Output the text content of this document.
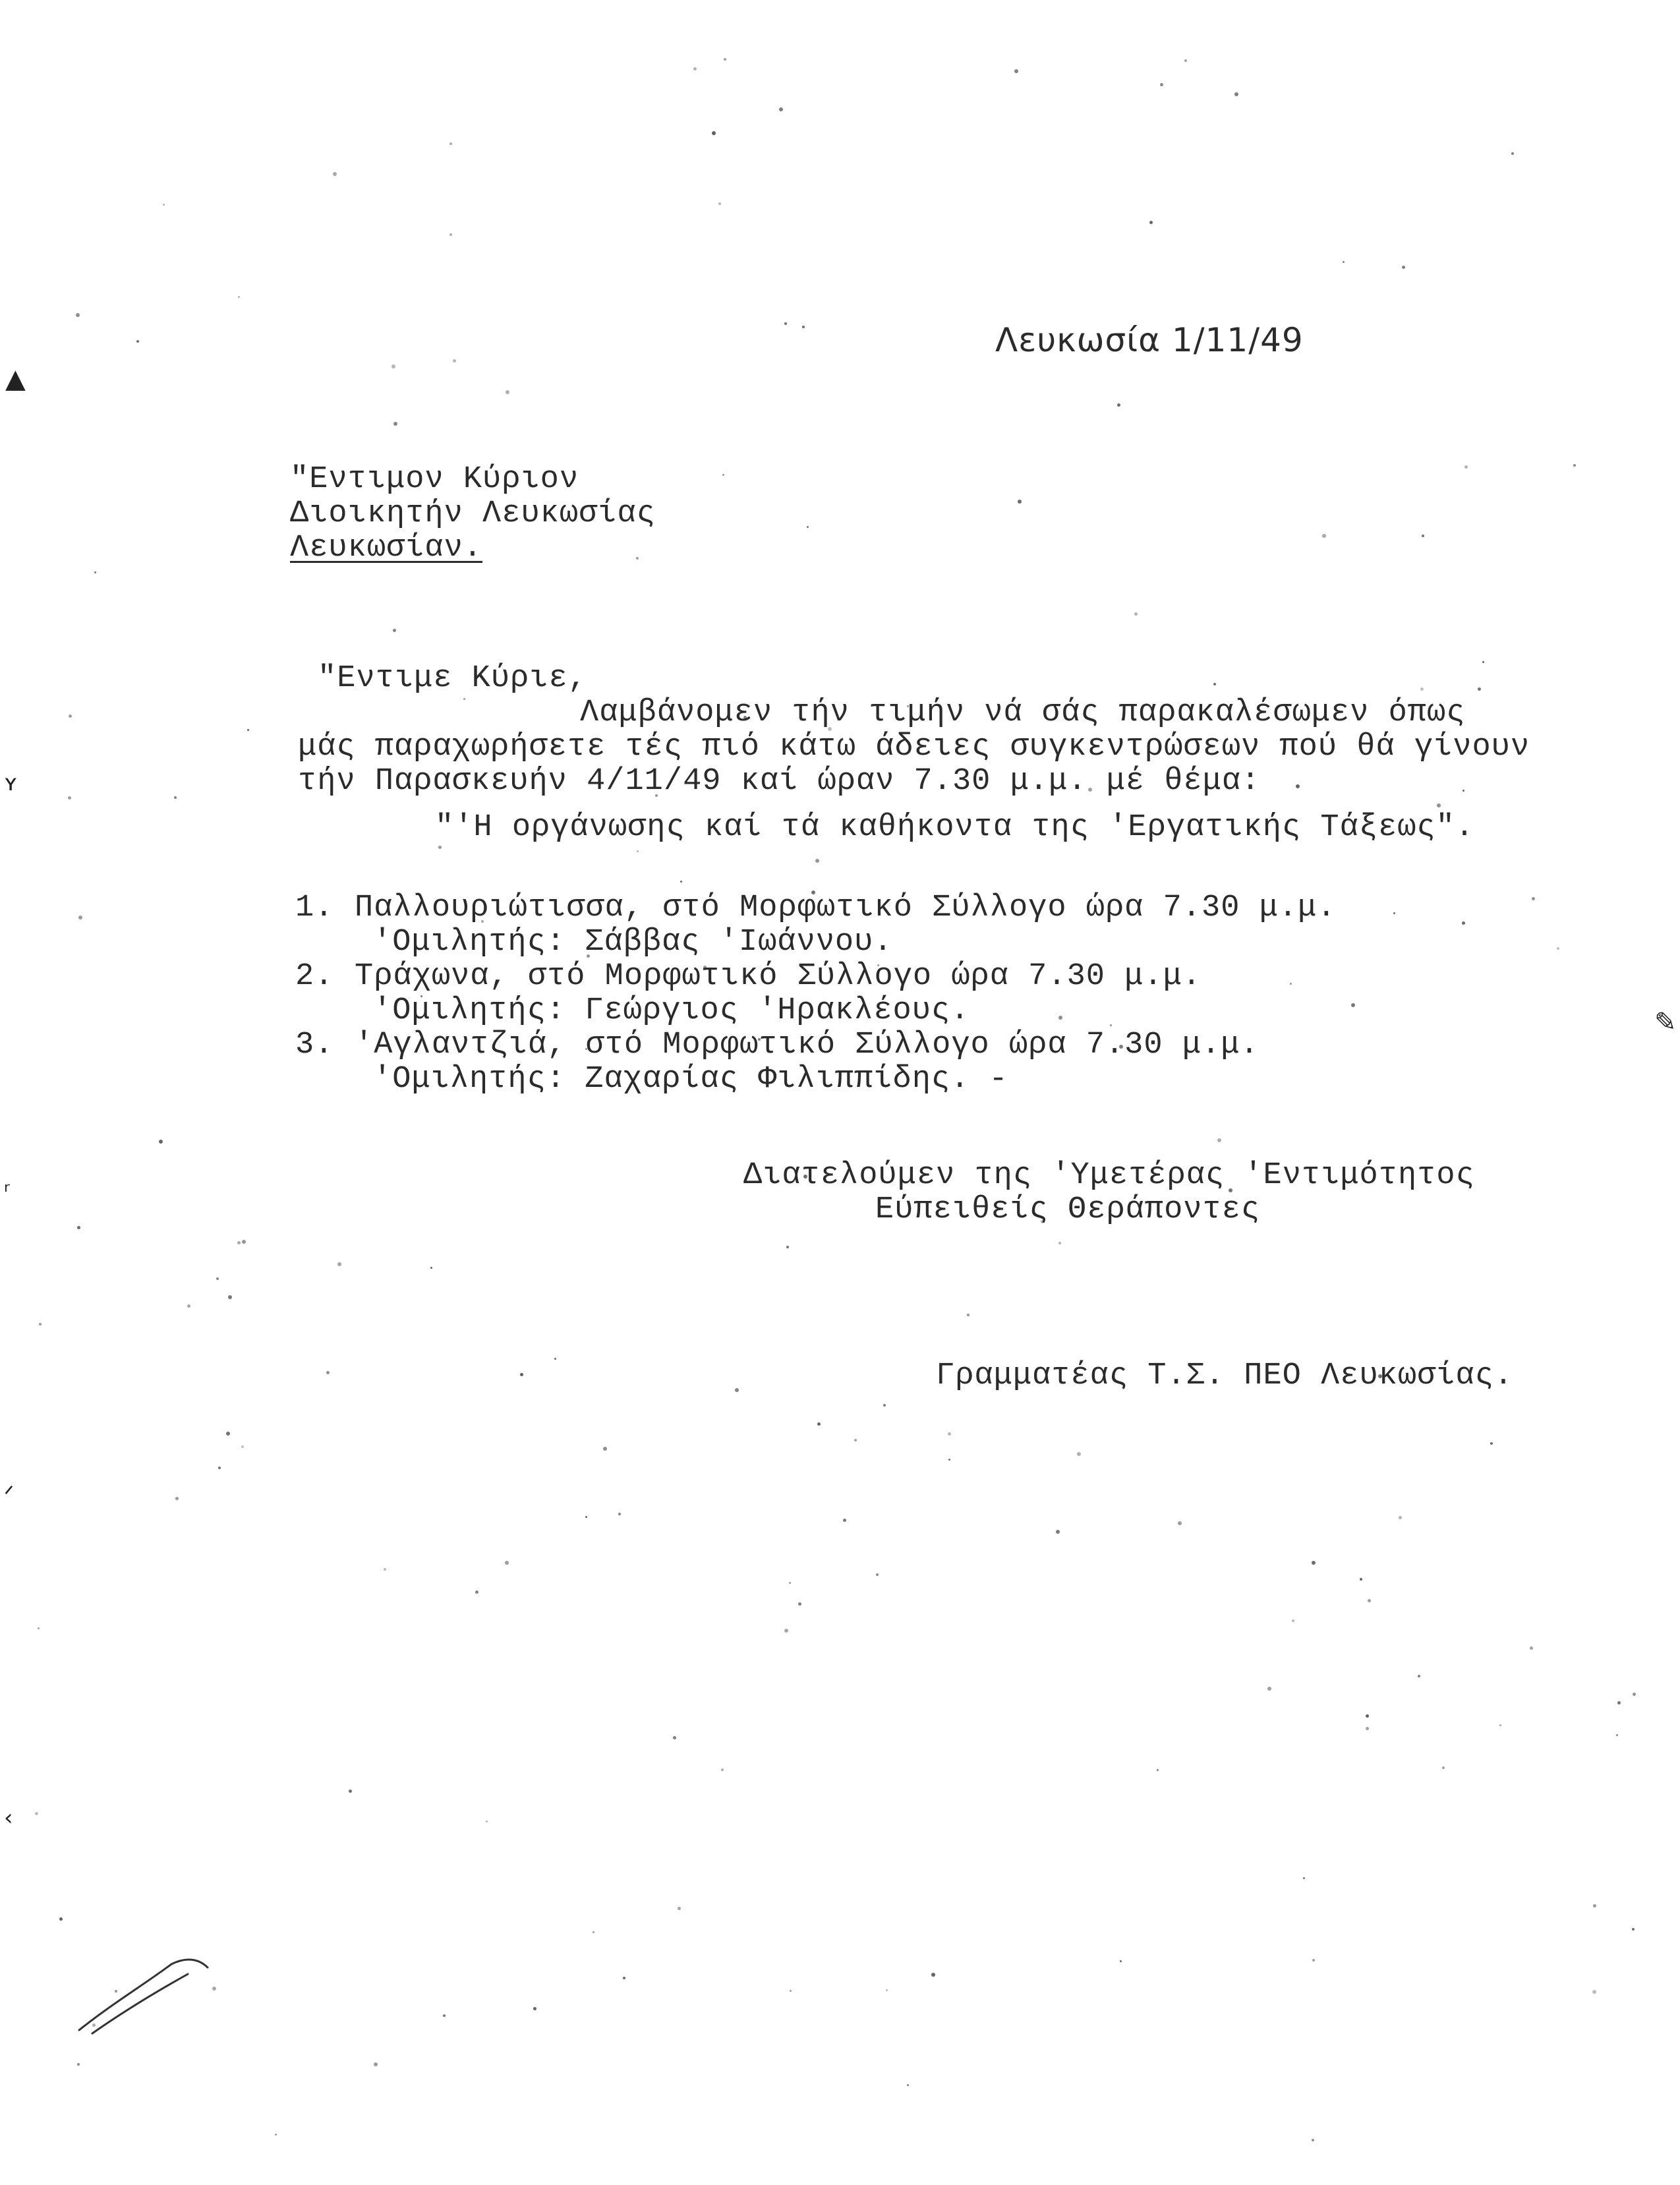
▲
ʏ
ʳ
ᐟ
‹
✎
Λευκωσία 1/11/49
"Εντιμον Κύριον
Διοικητήν Λευκωσίας
Λευκωσίαν.
"Εντιμε Κύριε,
Λαμβάνομεν τήν τιμήν νά σάς παρακαλέσωμεν όπως
μάς παραχωρήσετε τές πιό κάτω άδειες συγκεντρώσεων πού θά γίνουν
τήν Παρασκευήν 4/11/49 καί ώραν 7.30 μ.μ. μέ θέμα:
"'Η οργάνωσης καί τά καθήκοντα της 'Εργατικής Τάξεως".
1. Παλλουριώτισσα, στό Μορφωτικό Σύλλογο ώρα 7.30 μ.μ.
'Ομιλητής: Σάββας 'Ιωάννου.
2. Τράχωνα, στό Μορφωτικό Σύλλογο ώρα 7.30 μ.μ.
'Ομιλητής: Γεώργιος 'Ηρακλέους.
3. 'Αγλαντζιά, στό Μορφωτικό Σύλλογο ώρα 7.30 μ.μ.
'Ομιλητής: Ζαχαρίας Φιλιππίδης. -
Διατελούμεν της 'Υμετέρας 'Εντιμότητος
Εύπειθείς Θεράποντες
Γραμματέας Τ.Σ. ΠΕΟ Λευκωσίας.
